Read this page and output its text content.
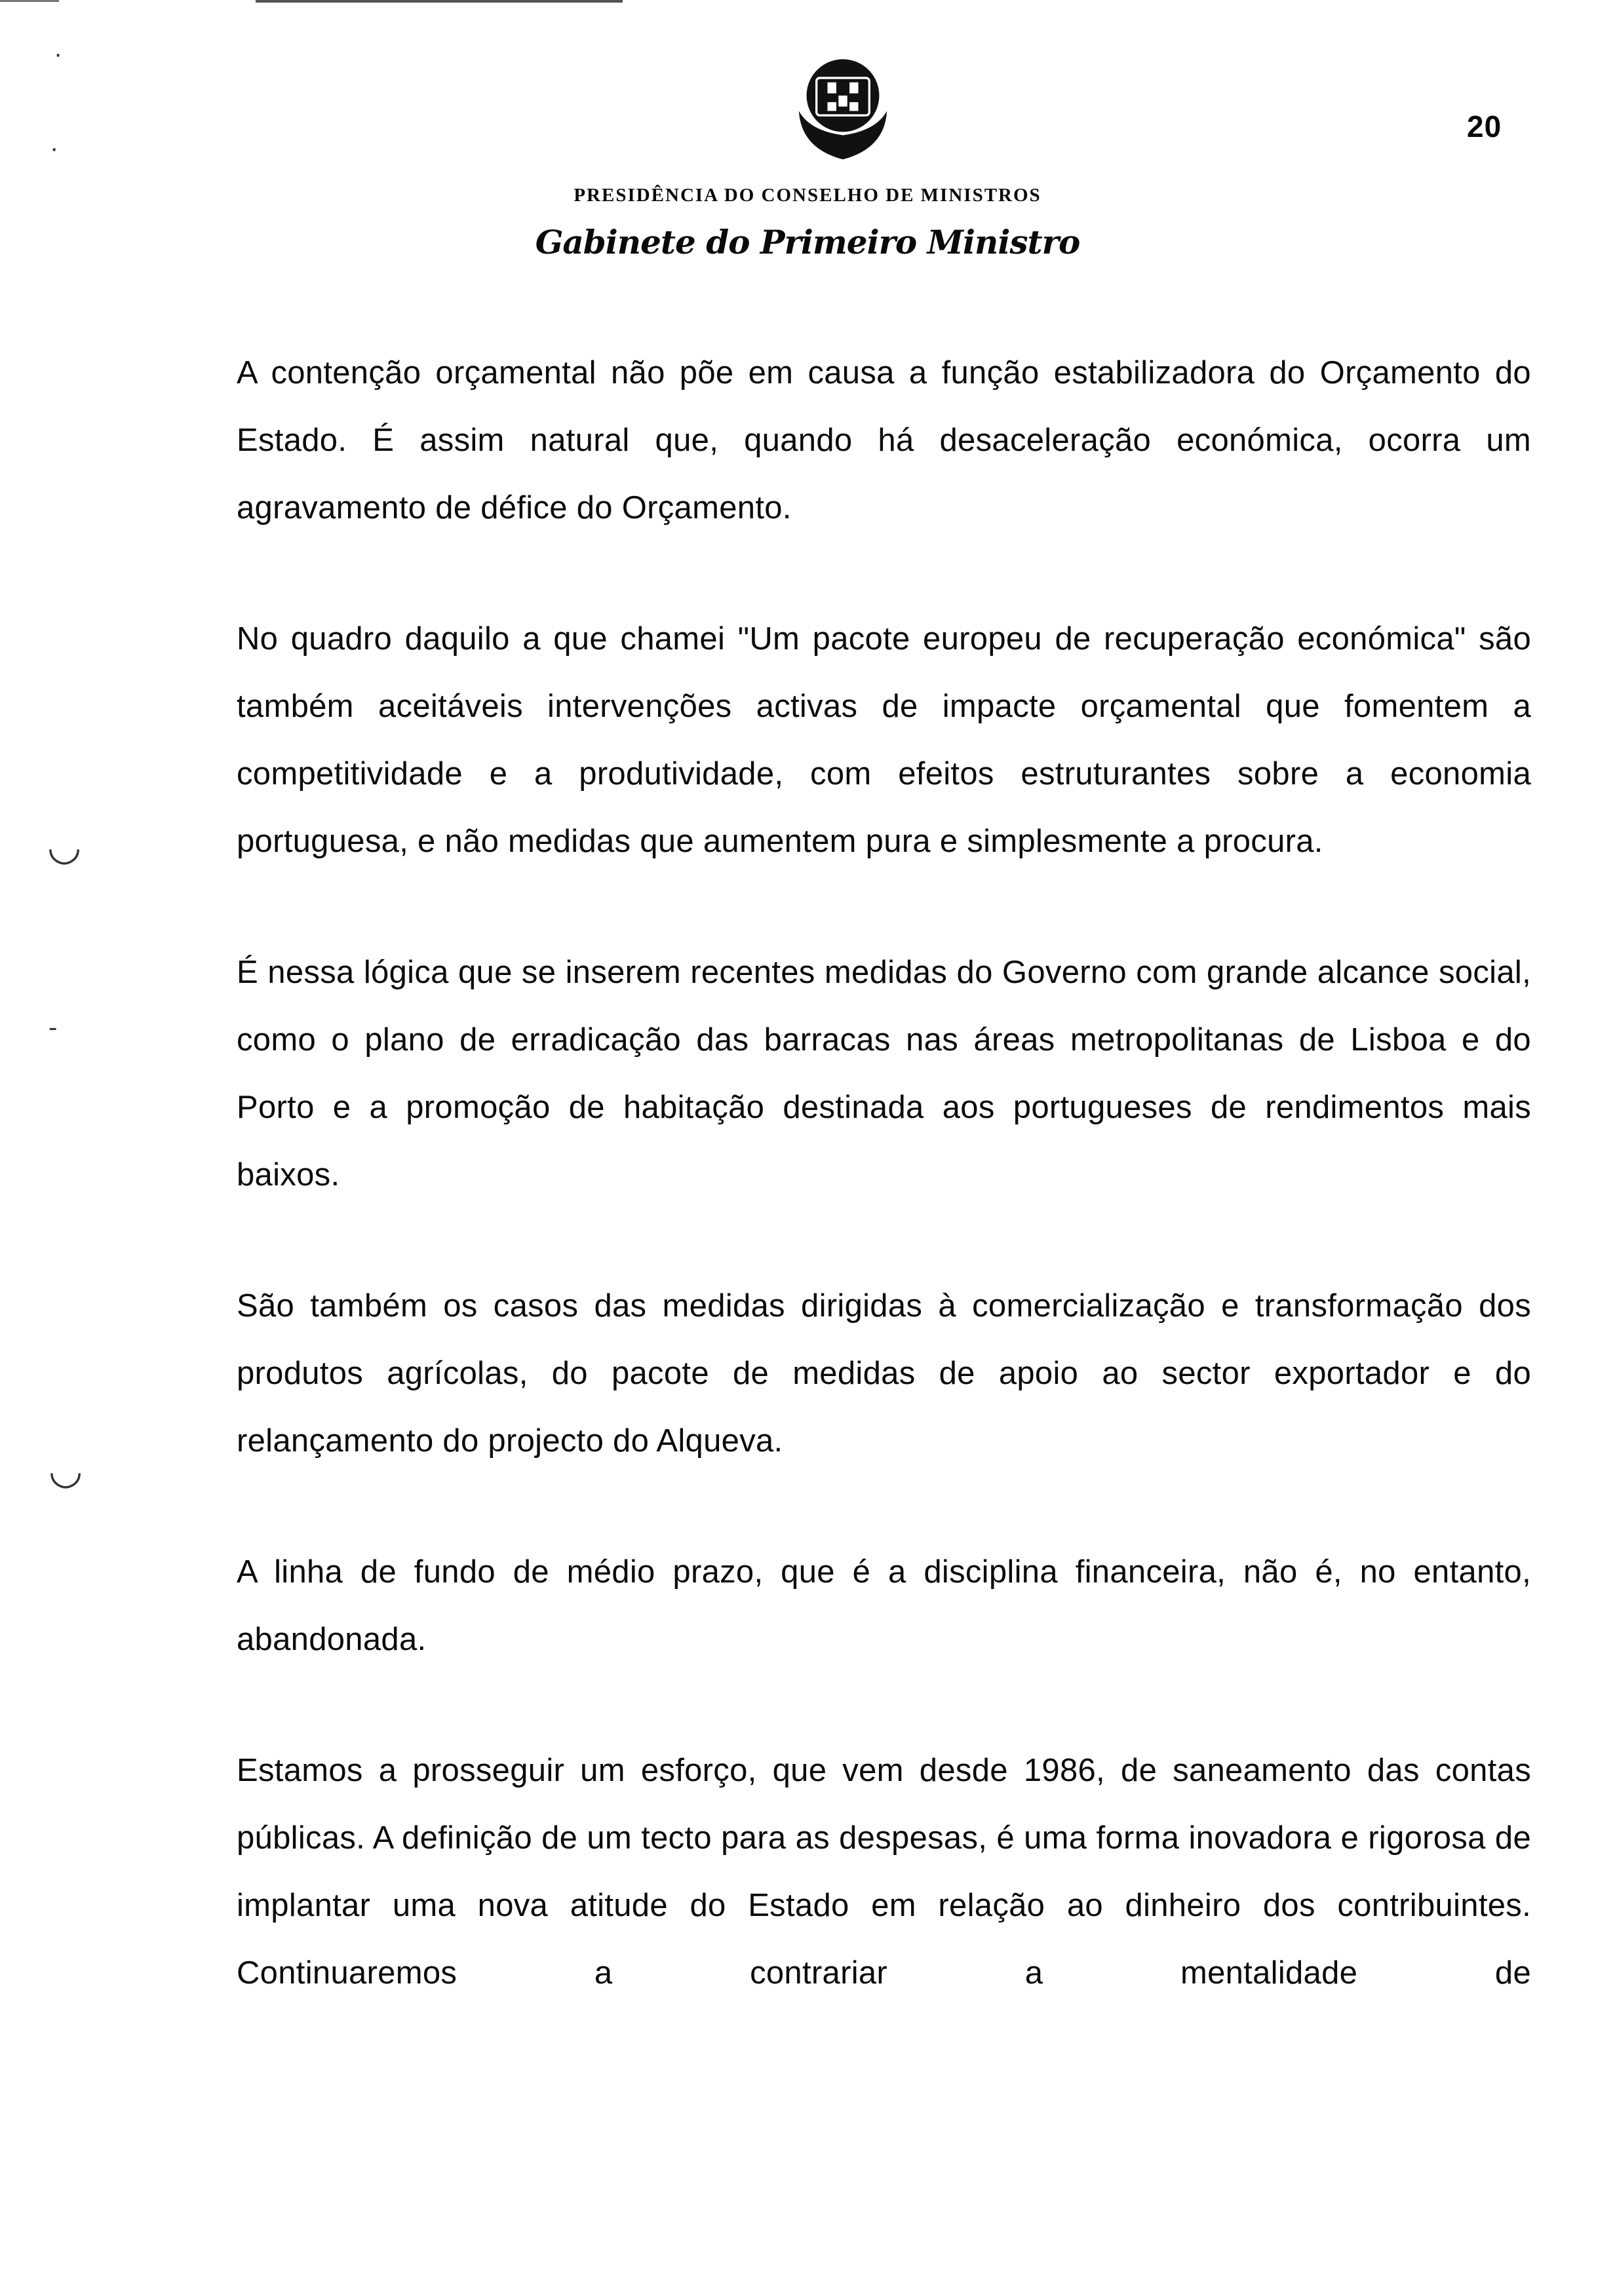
·
·
◡
-
◡
20
PRESIDÊNCIA DO CONSELHO DE MINISTROS
Gabinete do Primeiro Ministro

A contenção orçamental não põe em causa a função estabilizadora do Orçamento do Estado. É assim natural que, quando há desaceleração económica, ocorra um agravamento de défice do Orçamento.

No quadro daquilo a que chamei "Um pacote europeu de recuperação económica" são também aceitáveis intervenções activas de impacte orçamental que fomentem a competitividade e a produtividade, com efeitos estruturantes sobre a economia portuguesa, e não medidas que aumentem pura e simplesmente a procura.

É nessa lógica que se inserem recentes medidas do Governo com grande alcance social, como o plano de erradicação das barracas nas áreas metropolitanas de Lisboa e do Porto e a promoção de habitação destinada aos portugueses de rendimentos mais baixos.

São também os casos das medidas dirigidas à comercialização e transformação dos produtos agrícolas, do pacote de medidas de apoio ao sector exportador e do relançamento do projecto do Alqueva.

A linha de fundo de médio prazo, que é a disciplina financeira, não é, no entanto, abandonada.

Estamos a prosseguir um esforço, que vem desde 1986, de saneamento das contas públicas. A definição de um tecto para as despesas, é uma forma inovadora e rigorosa de implantar uma nova atitude do Estado em relação ao dinheiro dos contribuintes. Continuaremos a contrariar a mentalidade de
